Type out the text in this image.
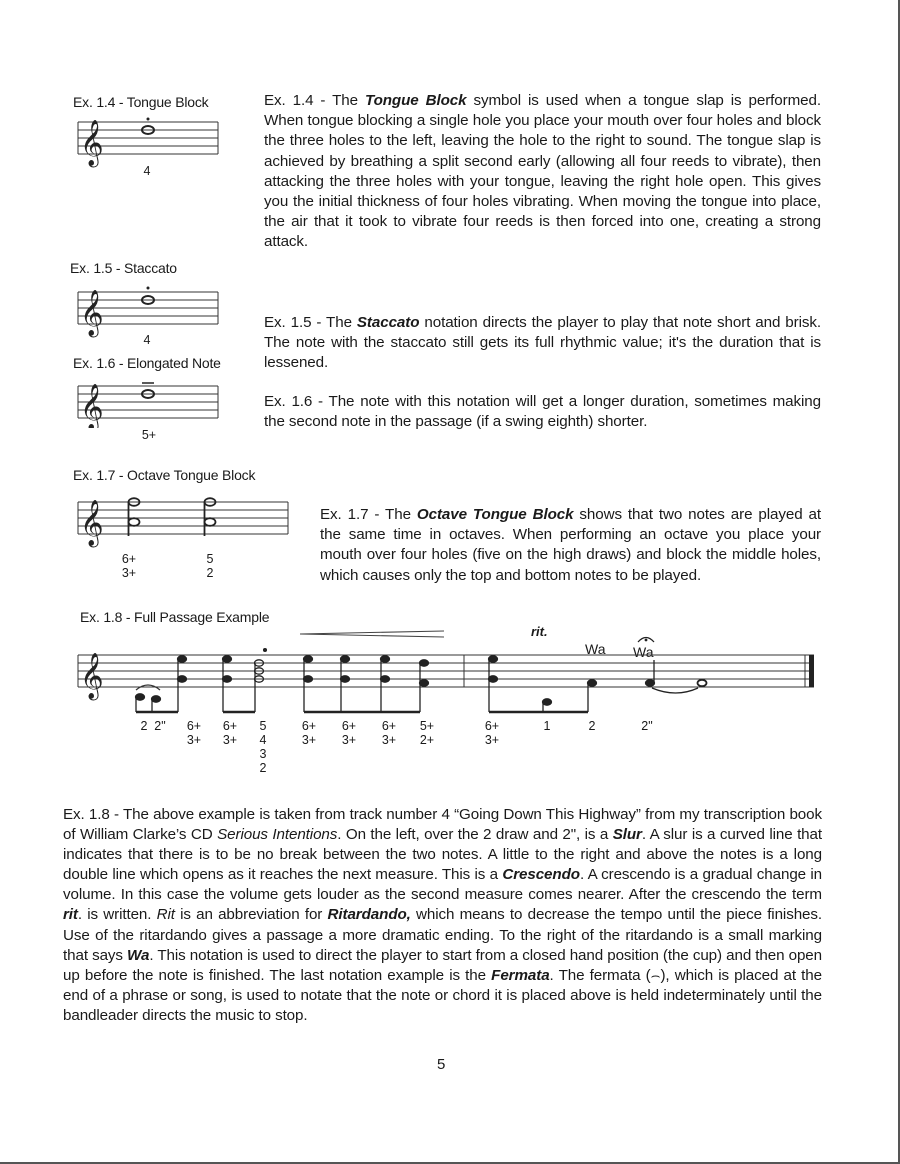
Ex. 1.4 - Tongue Block
𝄞
4
Ex. 1.4 - The Tongue Block symbol is used when a tongue slap is performed. When tongue blocking a single hole you place your mouth over four holes and block the three holes to the left, leaving the hole to the right to sound. The tongue slap is achieved by breathing a split second early (allowing all four reeds to vibrate), then attacking the three holes with your tongue, leaving the right hole open. This gives you the initial thickness of four holes vibrating. When moving the tongue into place, the air that it took to vibrate four reeds is then forced into one, creating a strong attack.
Ex. 1.5 - Staccato
𝄞
4
Ex. 1.5 - The Staccato notation directs the player to play that note short and brisk. The note with the staccato still gets its full rhythmic value; it's the duration that is lessened.
Ex. 1.6 - Elongated Note
𝄞
5+
Ex. 1.6 - The note with this notation will get a longer duration, sometimes making the second note in the passage (if a swing eighth) shorter.
Ex. 1.7 - Octave Tongue Block
𝄞
6+
3+
5
2
Ex. 1.7 - The Octave Tongue Block shows that two notes are played at the same time in octaves. When performing an octave you place your mouth over four holes (five on the high draws) and block the middle holes, which causes only the top and bottom notes to be played.
Ex. 1.8 - Full Passage Example
rit.
Wa Wa
𝄞
2 2"	6+
3+
6+
3+
5
4
3
2
6+
3+
6+
3+
6+
3+
5+
2+
6+
3+
1	2	2"
Ex. 1.8 - The above example is taken from track number 4 “Going Down This Highway” from my transcription book of William Clarke’s CD Serious Intentions. On the left, over the 2 draw and 2", is a Slur. A slur is a curved line that indicates that there is to be no break between the two notes. A little to the right and above the notes is a long double line which opens as it reaches the next measure. This is a Crescendo. A crescendo is a gradual change in volume. In this case the volume gets louder as the second measure comes nearer. After the crescendo the term rit. is written. Rit is an abbreviation for Ritardando, which means to decrease the tempo until the piece finishes. Use of the ritardando gives a passage a more dramatic ending. To the right of the ritardando is a small marking that says Wa. This notation is used to direct the player to start from a closed hand position (the cup) and then open up before the note is finished. The last notation example is the Fermata. The fermata (⌢), which is placed at the end of a phrase or song, is used to notate that the note or chord it is placed above is held indeterminately until the bandleader directs the music to stop.
5
